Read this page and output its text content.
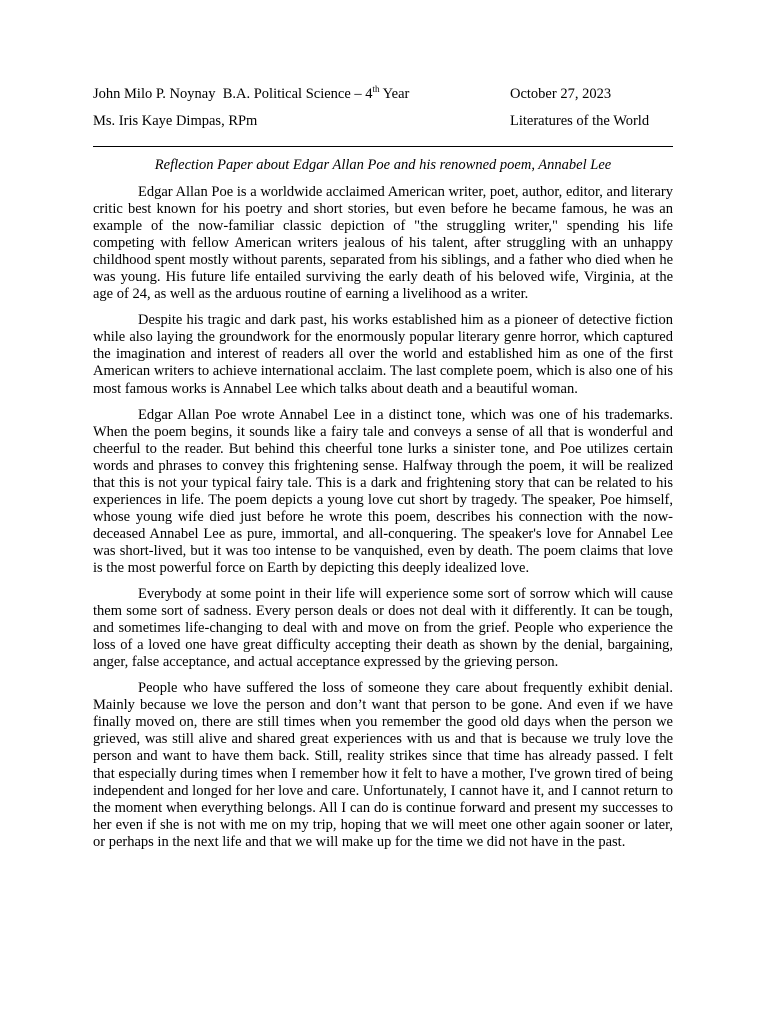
John Milo P. Noynay B.A. Political Science – 4th Year	October 27, 2023
Ms. Iris Kaye Dimpas, RPm	Literatures of the World
Reflection Paper about Edgar Allan Poe and his renowned poem, Annabel Lee

Edgar Allan Poe is a worldwide acclaimed American writer, poet, author, editor, and literary critic best known for his poetry and short stories, but even before he became famous, he was an example of the now-familiar classic depiction of "the struggling writer," spending his life competing with fellow American writers jealous of his talent, after struggling with an unhappy childhood spent mostly without parents, separated from his siblings, and a father who died when he was young. His future life entailed surviving the early death of his beloved wife, Virginia, at the age of 24, as well as the arduous routine of earning a livelihood as a writer.

Despite his tragic and dark past, his works established him as a pioneer of detective fiction while also laying the groundwork for the enormously popular literary genre horror, which captured the imagination and interest of readers all over the world and established him as one of the first American writers to achieve international acclaim. The last complete poem, which is also one of his most famous works is Annabel Lee which talks about death and a beautiful woman.

Edgar Allan Poe wrote Annabel Lee in a distinct tone, which was one of his trademarks. When the poem begins, it sounds like a fairy tale and conveys a sense of all that is wonderful and cheerful to the reader. But behind this cheerful tone lurks a sinister tone, and Poe utilizes certain words and phrases to convey this frightening sense. Halfway through the poem, it will be realized that this is not your typical fairy tale. This is a dark and frightening story that can be related to his experiences in life. The poem depicts a young love cut short by tragedy. The speaker, Poe himself, whose young wife died just before he wrote this poem, describes his connection with the now-deceased Annabel Lee as pure, immortal, and all-conquering. The speaker's love for Annabel Lee was short-lived, but it was too intense to be vanquished, even by death. The poem claims that love is the most powerful force on Earth by depicting this deeply idealized love.

Everybody at some point in their life will experience some sort of sorrow which will cause them some sort of sadness. Every person deals or does not deal with it differently. It can be tough, and sometimes life-changing to deal with and move on from the grief. People who experience the loss of a loved one have great difficulty accepting their death as shown by the denial, bargaining, anger, false acceptance, and actual acceptance expressed by the grieving person.

People who have suffered the loss of someone they care about frequently exhibit denial. Mainly because we love the person and don’t want that person to be gone. And even if we have finally moved on, there are still times when you remember the good old days when the person we grieved, was still alive and shared great experiences with us and that is because we truly love the person and want to have them back. Still, reality strikes since that time has already passed. I felt that especially during times when I remember how it felt to have a mother, I've grown tired of being independent and longed for her love and care. Unfortunately, I cannot have it, and I cannot return to the moment when everything belongs. All I can do is continue forward and present my successes to her even if she is not with me on my trip, hoping that we will meet one other again sooner or later, or perhaps in the next life and that we will make up for the time we did not have in the past.
